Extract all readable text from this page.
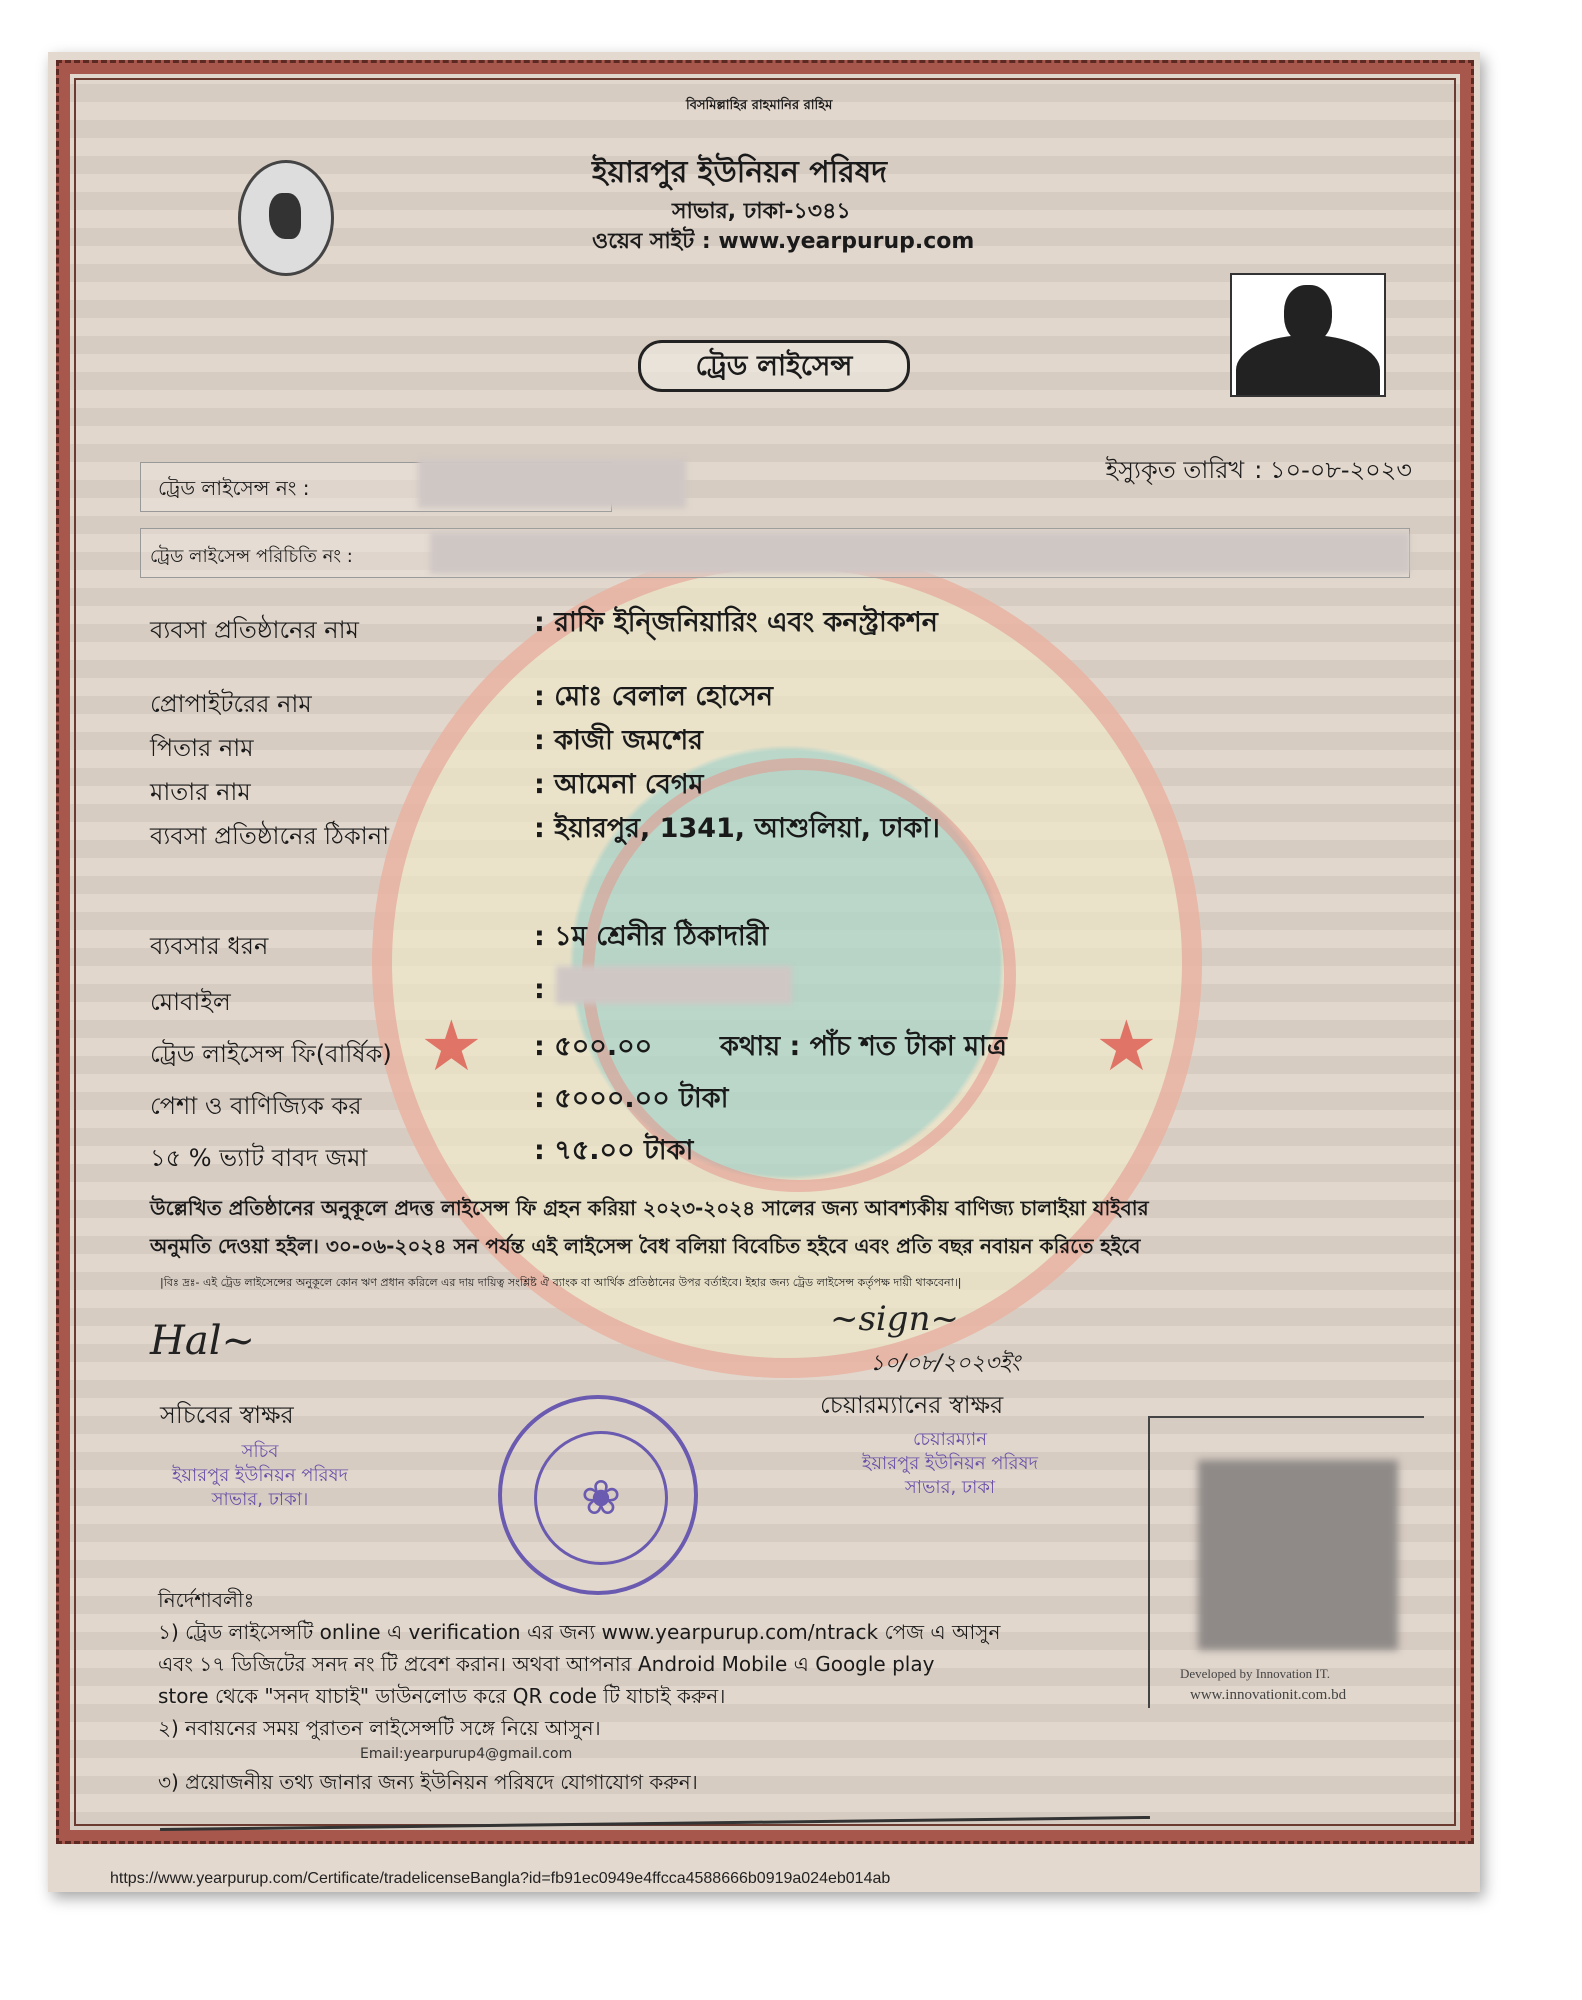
★	★
বিসমিল্লাহির রাহমানির রাহিম
ইয়ারপুর ইউনিয়ন পরিষদ
সাভার, ঢাকা-১৩৪১
ওয়েব সাইট : www.yearpurup.com
ট্রেড লাইসেন্স
ইস্যুকৃত তারিখ : ১০-০৮-২০২৩
ট্রেড লাইসেন্স নং :
ট্রেড লাইসেন্স পরিচিতি নং :
ব্যবসা প্রতিষ্ঠানের নাম	: রাফি ইন্জিনিয়ারিং এবং কনস্ট্রাকশন
প্রোপাইটরের নাম	: মোঃ বেলাল হোসেন
পিতার নাম	: কাজী জমশের
মাতার নাম	: আমেনা বেগম
ব্যবসা প্রতিষ্ঠানের ঠিকানা	: ইয়ারপুর, 1341, আশুলিয়া, ঢাকা।
ব্যবসার ধরন	: ১ম শ্রেনীর ঠিকাদারী
মোবাইল	:
ট্রেড লাইসেন্স ফি(বার্ষিক)	: ৫০০.০০	কথায় : পাঁচ শত টাকা মাত্র
পেশা ও বাণিজ্যিক কর	: ৫০০০.০০ টাকা
১৫ % ভ্যাট বাবদ জমা	: ৭৫.০০ টাকা
উল্লেখিত প্রতিষ্ঠানের অনুকূলে প্রদত্ত লাইসেন্স ফি গ্রহন করিয়া ২০২৩-২০২৪ সালের জন্য আবশ্যকীয় বাণিজ্য চালাইয়া যাইবার
অনুমতি দেওয়া হইল। ৩০-০৬-২০২৪ সন পর্যন্ত এই লাইসেন্স বৈধ বলিয়া বিবেচিত হইবে এবং প্রতি বছর নবায়ন করিতে হইবে
|বিঃ দ্রঃ- এই ট্রেড লাইসেন্সের অনুকূলে কোন ঋণ প্রধান করিলে এর দায় দায়িত্ব সংশ্লিষ্ট ঐ ব্যাংক বা আর্থিক প্রতিষ্ঠানের উপর বর্তাইবে। ইহার জন্য ট্রেড লাইসেন্স কর্তৃপক্ষ দায়ী থাকবেনা।|
Hal~
সচিবের স্বাক্ষর
সচিব
ইয়ারপুর ইউনিয়ন পরিষদ
সাভার, ঢাকা।	❀
~sign~
১০/০৮/২০২৩ইং
চেয়ারম্যানের স্বাক্ষর
চেয়ারম্যান
ইয়ারপুর ইউনিয়ন পরিষদ
সাভার, ঢাকা
Developed by Innovation IT.
www.innovationit.com.bd
নির্দেশাবলীঃ
১) ট্রেড লাইসেন্সটি online এ verification এর জন্য www.yearpurup.com/ntrack পেজ এ আসুন
এবং ১৭ ডিজিটের সনদ নং টি প্রবেশ করান। অথবা আপনার Android Mobile এ Google play
store থেকে "সনদ যাচাই" ডাউনলোড করে QR code টি যাচাই করুন।
২) নবায়নের সময় পুরাতন লাইসেন্সটি সঙ্গে নিয়ে আসুন।
Email:yearpurup4@gmail.com
৩) প্রয়োজনীয় তথ্য জানার জন্য ইউনিয়ন পরিষদে যোগাযোগ করুন।
https://www.yearpurup.com/Certificate/tradelicenseBangla?id=fb91ec0949e4ffcca4588666b0919a024eb014ab
